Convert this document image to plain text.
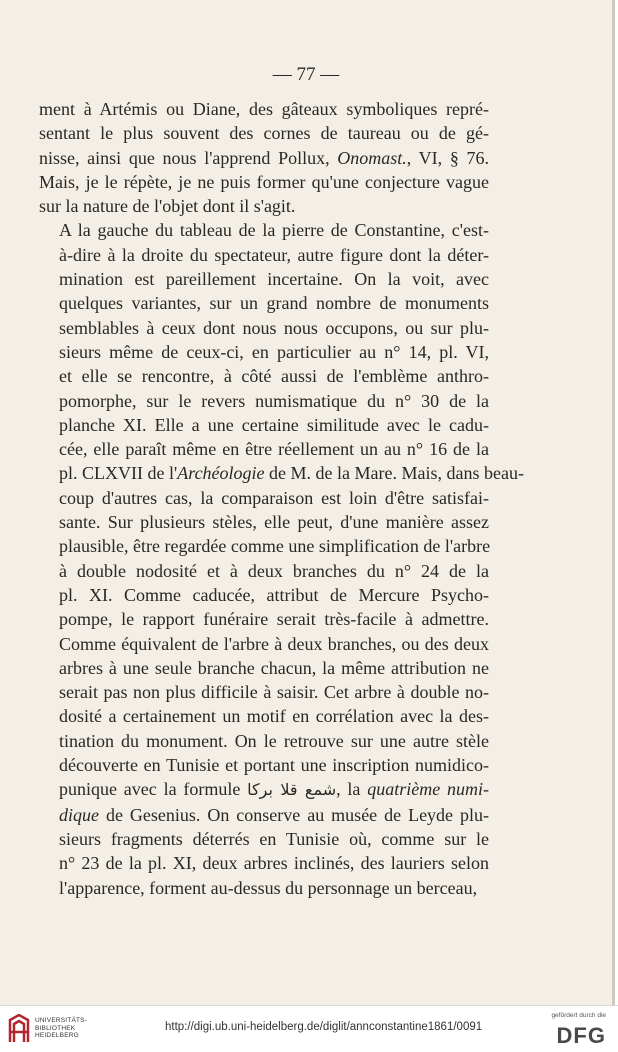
— 77 —

ment à Artémis ou Diane, des gâteaux symboliques repré-
sentant le plus souvent des cornes de taureau ou de gé-
nisse, ainsi que nous l'apprend Pollux, Onomast., VI, § 76.
Mais, je le répète, je ne puis former qu'une conjecture vague
sur la nature de l'objet dont il s'agit.

A la gauche du tableau de la pierre de Constantine, c'est-
à-dire à la droite du spectateur, autre figure dont la déter-
mination est pareillement incertaine. On la voit, avec
quelques variantes, sur un grand nombre de monuments
semblables à ceux dont nous nous occupons, ou sur plu-
sieurs même de ceux-ci, en particulier au n° 14, pl. VI,
et elle se rencontre, à côté aussi de l'emblème anthro-
pomorphe, sur le revers numismatique du n° 30 de la
planche XI. Elle a une certaine similitude avec le cadu-
cée, elle paraît même en être réellement un au n° 16 de la
pl. CLXVII de l'Archéologie de M. de la Mare. Mais, dans beau-
coup d'autres cas, la comparaison est loin d'être satisfai-
sante. Sur plusieurs stèles, elle peut, d'une manière assez
plausible, être regardée comme une simplification de l'arbre
à double nodosité et à deux branches du n° 24 de la
pl. XI. Comme caducée, attribut de Mercure Psycho-
pompe, le rapport funéraire serait très-facile à admettre.
Comme équivalent de l'arbre à deux branches, ou des deux
arbres à une seule branche chacun, la même attribution ne
serait pas non plus difficile à saisir. Cet arbre à double no-
dosité a certainement un motif en corrélation avec la des-
tination du monument. On le retrouve sur une autre stèle
découverte en Tunisie et portant une inscription numidico-
punique avec la formule شمع قلا بركا, la quatrième numi-
dique de Gesenius. On conserve au musée de Leyde plu-
sieurs fragments déterrés en Tunisie où, comme sur le
n° 23 de la pl. XI, deux arbres inclinés, des lauriers selon
l'apparence, forment au-dessus du personnage un berceau,

UNIVERSITÄTS-
BIBLIOTHEK
HEIDELBERG
http://digi.ub.uni-heidelberg.de/diglit/annconstantine1861/0091
gefördert durch die
DFG
